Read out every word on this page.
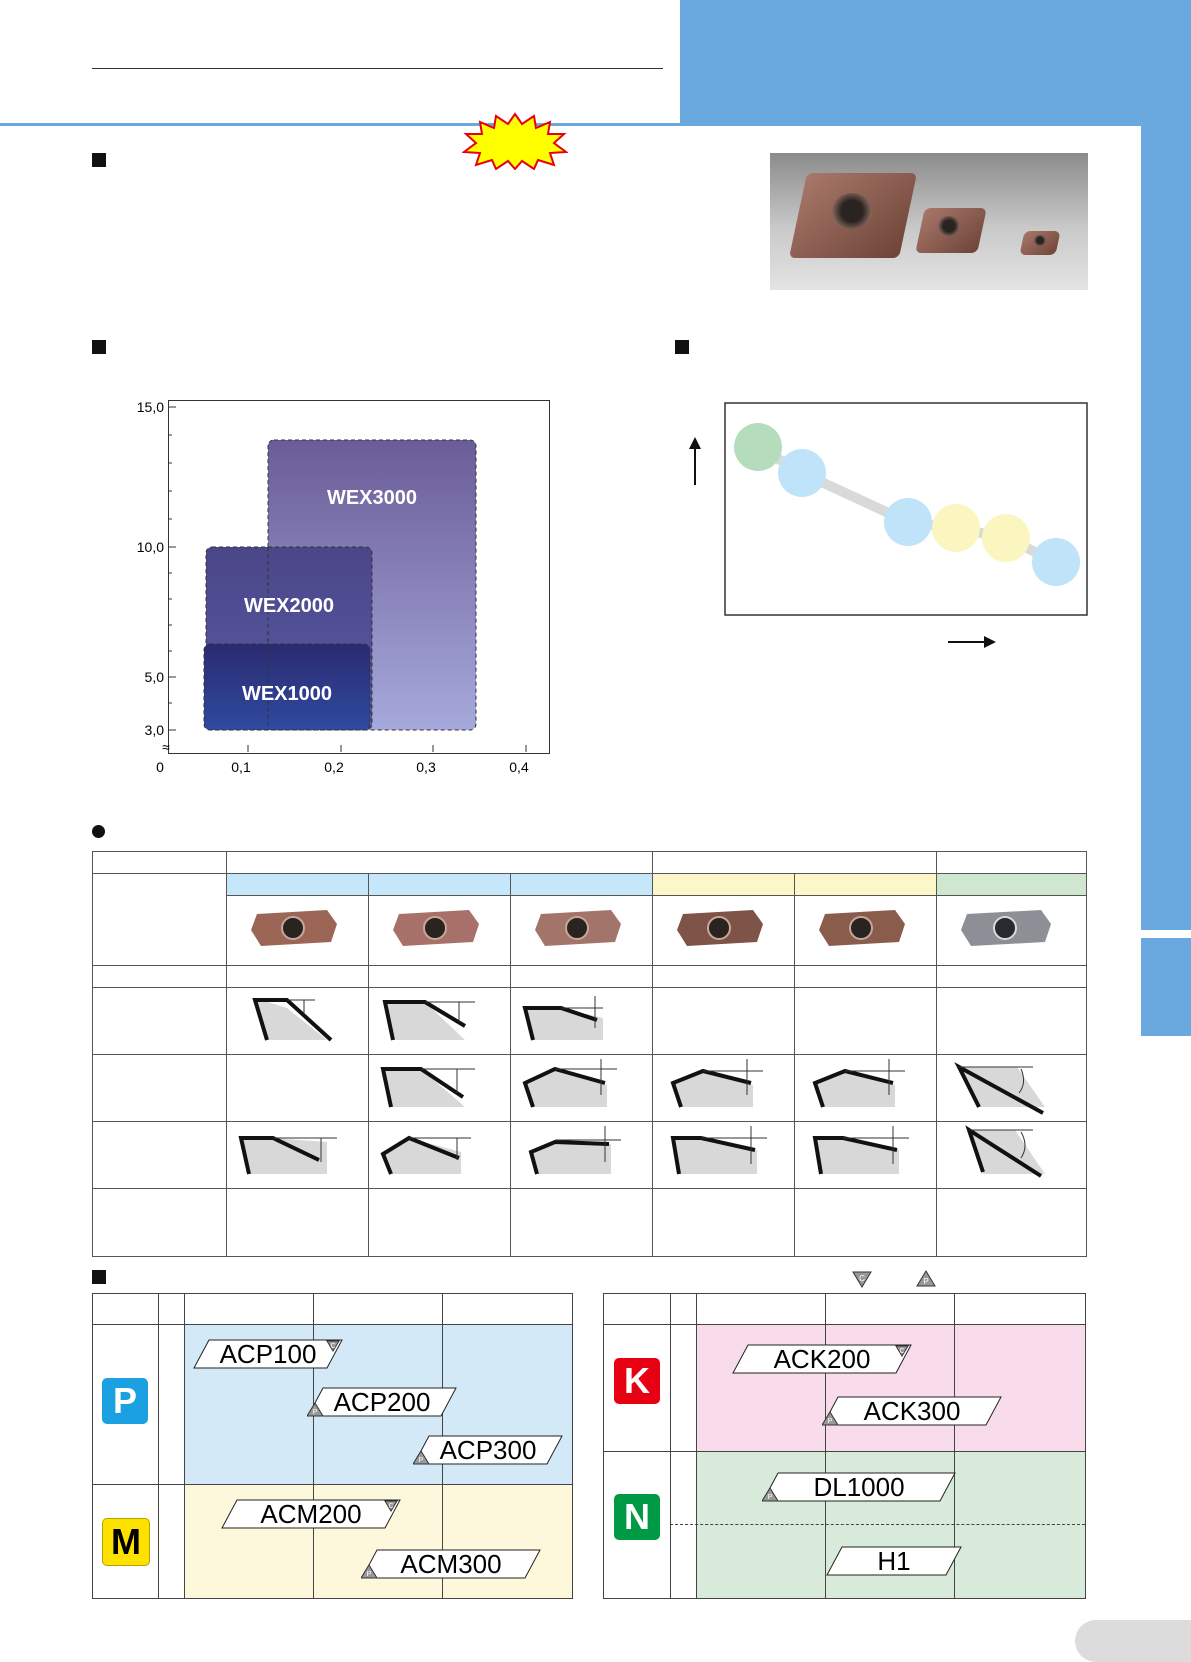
WEX3000
WEX2000
WEX1000
15,0
10,0
5,0
3,0
≈
0	0,1	0,2	0,3	0,4

C	P
P
M
C
ACP100
P ACP200
P ACP300
C
ACM200
P	ACM300
K
N
C
ACK200
P	ACK300
P	DL1000
H1
